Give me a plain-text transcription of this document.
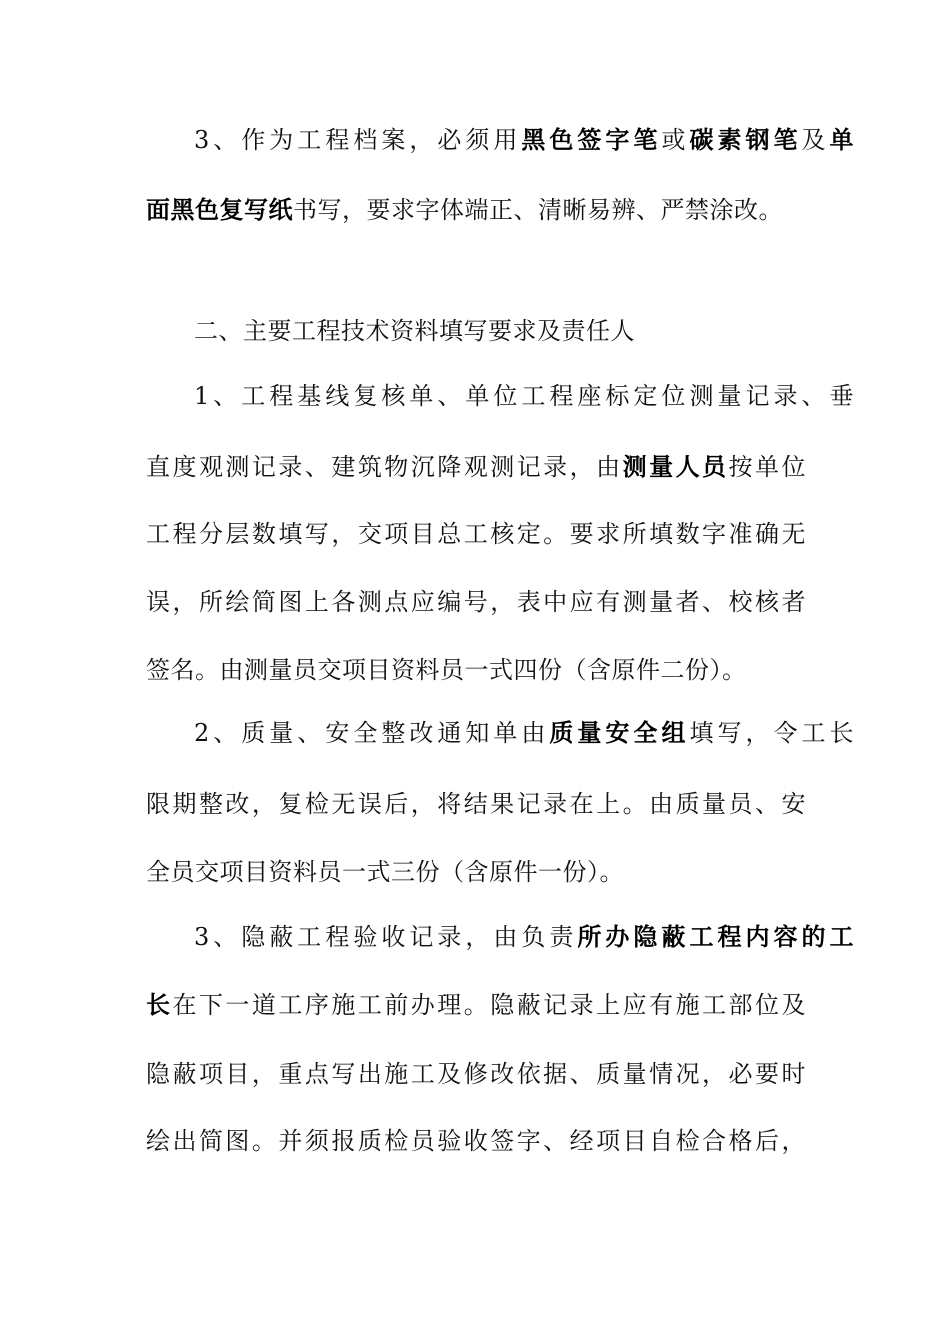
3、作为工程档案，必须用黑色签字笔或碳素钢笔及单
面黑色复写纸书写，要求字体端正、清晰易辨、严禁涂改。
二、主要工程技术资料填写要求及责任人
1、工程基线复核单、单位工程座标定位测量记录、垂
直度观测记录、建筑物沉降观测记录，由测量人员按单位
工程分层数填写，交项目总工核定。要求所填数字准确无
误，所绘简图上各测点应编号，表中应有测量者、校核者
签名。由测量员交项目资料员一式四份（含原件二份）。
2、质量、安全整改通知单由质量安全组填写，令工长
限期整改，复检无误后，将结果记录在上。由质量员、安
全员交项目资料员一式三份（含原件一份）。
3、隐蔽工程验收记录，由负责所办隐蔽工程内容的工
长在下一道工序施工前办理。隐蔽记录上应有施工部位及
隐蔽项目，重点写出施工及修改依据、质量情况，必要时
绘出简图。并须报质检员验收签字、经项目自检合格后，
